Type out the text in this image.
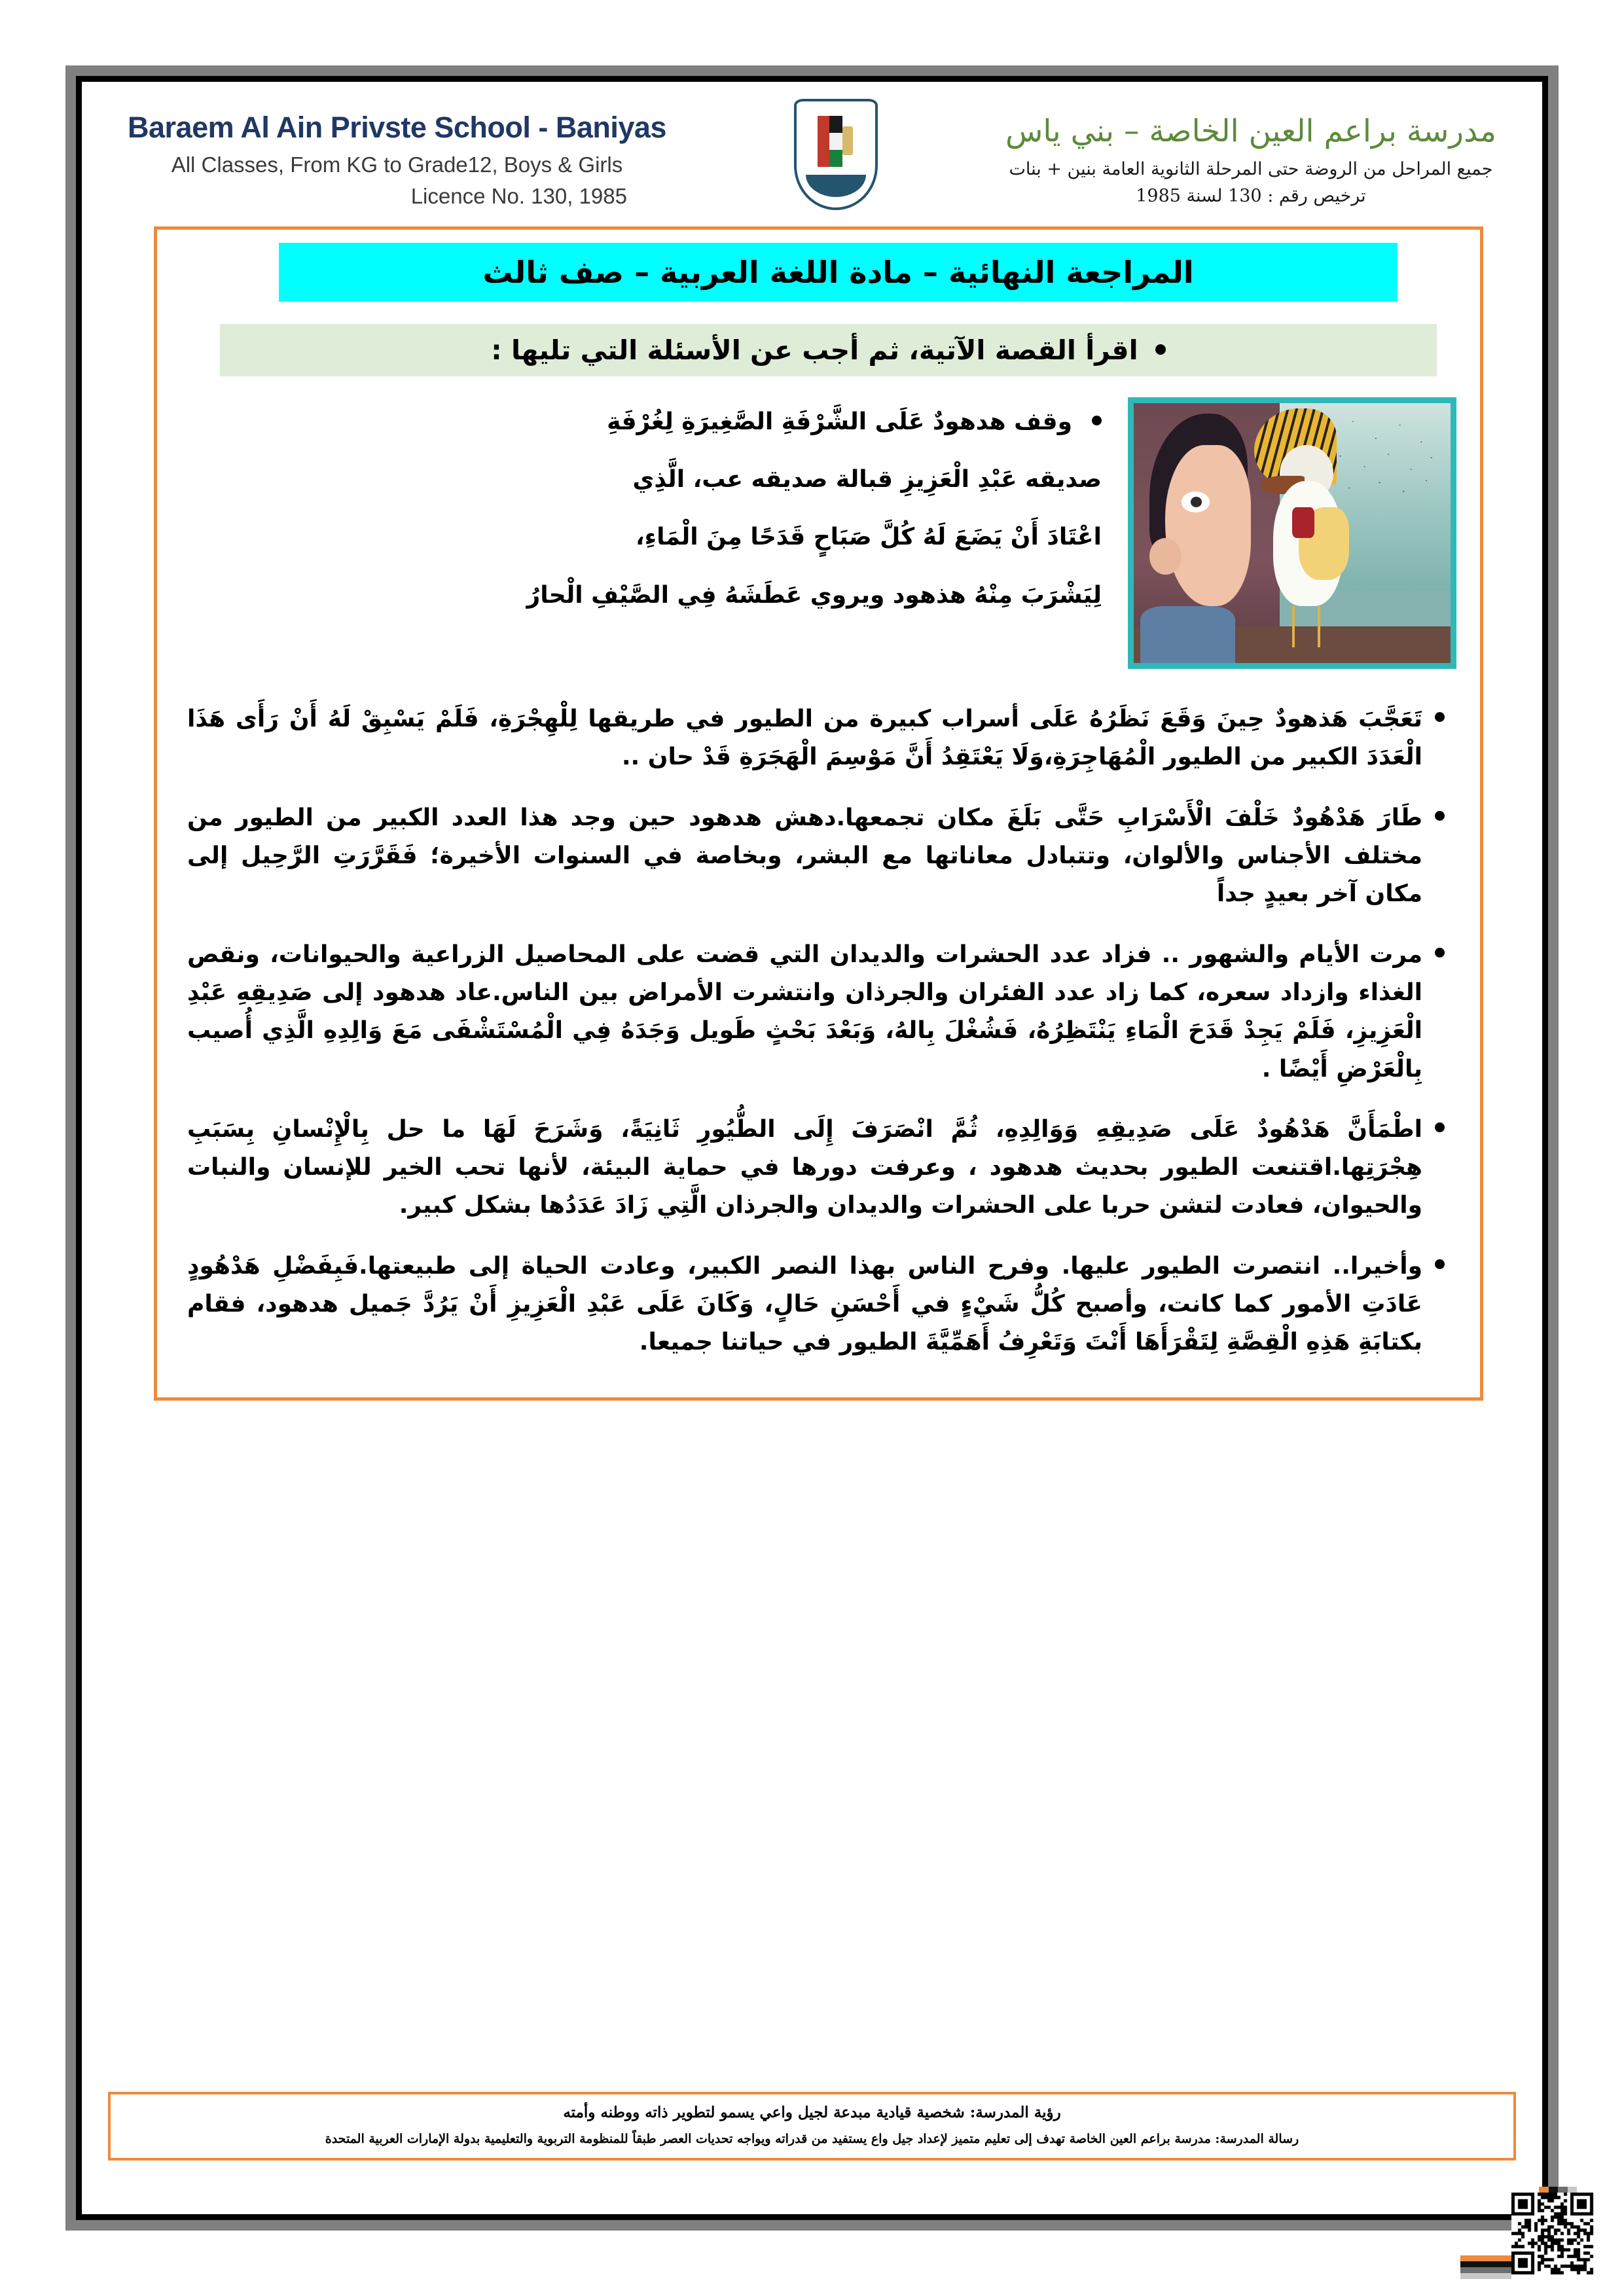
Baraem Al Ain Privste School - Baniyas
All Classes, From KG to Grade12, Boys & Girls
Licence No. 130, 1985
مدرسة براعم العين الخاصة – بني ياس
جميع المراحل من الروضة حتى المرحلة الثانوية العامة بنين + بنات
ترخيص رقم : 130 لسنة 1985
المراجعة النهائية – مادة اللغة العربية – صف ثالث
اقرأ القصة الآتية، ثم أجب عن الأسئلة التي تليها :
وقف هدهودٌ عَلَى الشَّرْفَةِ الصَّغِيرَةِ لِغُرْفَةِ
صديقه عَبْدِ الْعَزِيزِ قبالة صديقه عب، الَّذِي
اعْتَادَ أَنْ يَضَعَ لَهُ كُلَّ صَبَاحٍ قَدَحًا مِنَ الْمَاءِ،
لِيَشْرَبَ مِنْهُ هذهود ويروي عَطَشَهُ فِي الصَّيْفِ الْحارُ
تَعَجَّبَ هَذهودٌ حِينَ وَقَعَ نَظَرُهُ عَلَى أسراب كبيرة من الطيور في طريقها لِلْهِجْرَةِ، فَلَمْ يَسْبِقْ لَهُ أَنْ رَأَى هَذَا الْعَدَدَ الكبير من الطيور الْمُهَاجِرَةِ،وَلَا يَعْتَقِدُ أَنَّ مَوْسِمَ الْهَجَرَةِ قَدْ حان ..
طَارَ هَدْهُودٌ خَلْفَ الْأَسْرَابِ حَتَّى بَلَغَ مكان تجمعها.دهش هدهود حين وجد هذا العدد الكبير من الطيور من مختلف الأجناس والألوان، وتتبادل معاناتها مع البشر، وبخاصة في السنوات الأخيرة؛ فَقَرَّرَتِ الرَّحِيل إلى مكان آخر بعيدٍ جداً
مرت الأيام والشهور .. فزاد عدد الحشرات والديدان التي قضت على المحاصيل الزراعية والحيوانات، ونقص الغذاء وازداد سعره، كما زاد عدد الفئران والجرذان وانتشرت الأمراض بين الناس.عاد هدهود إلى صَدِيقِهِ عَبْدِ الْعَزِيزِ، فَلَمْ يَجِدْ قَدَحَ الْمَاءِ يَنْتَظِرُهُ، فَشُغْلَ بِالهُ، وَبَعْدَ بَحْثٍ طَويل وَجَدَهُ فِي الْمُسْتَشْفَى مَعَ وَالِدِهِ الَّذِي أُصيب بِالْعَرْضِ أَيْضًا .
اطْمَأَنَّ هَدْهُودٌ عَلَى صَدِيقِهِ وَوَالِدِهِ، ثُمَّ انْصَرَفَ إِلَى الطُّيُورِ ثَانِيَةً، وَشَرَحَ لَهَا ما حل بِالْإِنْسانِ بِسَبَبِ هِجْرَتِها.اقتنعت الطيور بحديث هدهود ، وعرفت دورها في حماية البيئة، لأنها تحب الخير للإنسان والنبات والحيوان، فعادت لتشن حربا على الحشرات والديدان والجرذان الَّتِي زَادَ عَدَدُها بشكل كبير.
وأخيرا.. انتصرت الطيور عليها. وفرح الناس بهذا النصر الكبير، وعادت الحياة إلى طبيعتها.فَبِفَضْلِ هَدْهُودٍ عَادَتِ الأمور كما كانت، وأصبح كُلُّ شَيْءٍ في أَحْسَنِ حَالٍ، وَكَانَ عَلَى عَبْدِ الْعَزِيزِ أَنْ يَرُدَّ جَميل هدهود، فقام بكتابَةِ هَذِهِ الْقِصَّةِ لِتَقْرَأَهَا أَنْتَ وَتَعْرِفُ أَهَمِّيَّةَ الطيور في حياتنا جميعا.
رؤية المدرسة: شخصية قيادية مبدعة لجيل واعي يسمو لتطوير ذاته ووطنه وأمته
رسالة المدرسة: مدرسة براعم العين الخاصة تهدف إلى تعليم متميز لإعداد جيل واع يستفيد من قدراته ويواجه تحديات العصر طبقاً للمنظومة التربوية والتعليمية بدولة الإمارات العربية المتحدة
